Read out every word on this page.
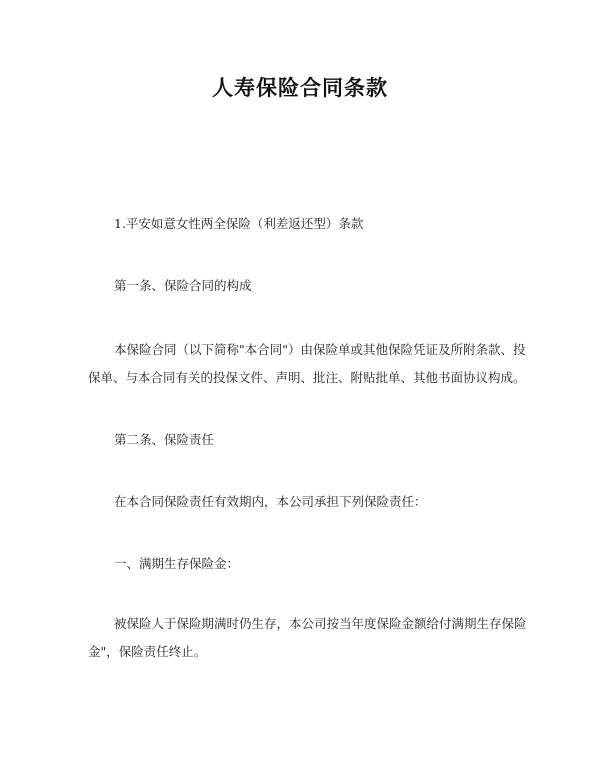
人寿保险合同条款
1.平安如意女性两全保险（利差返还型）条款
第一条、保险合同的构成
本保险合同（以下简称"本合同"）由保险单或其他保险凭证及所附条款、投保单、与本合同有关的投保文件、声明、批注、附贴批单、其他书面协议构成。
第二条、保险责任
在本合同保险责任有效期内，本公司承担下列保险责任：
一、满期生存保险金：
被保险人于保险期满时仍生存，本公司按当年度保险金额给付满期生存保险金"，保险责任终止。
